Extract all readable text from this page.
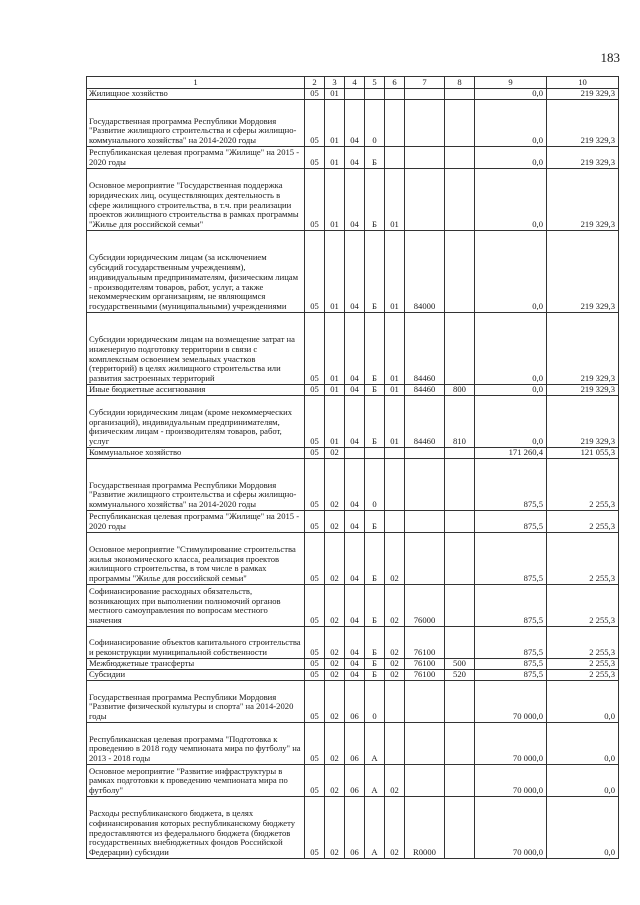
183
1	2	3	4	5	6	7	8	9	10
Жилищное хозяйство	05	01						0,0	219 329,3
Государственная программа Республики Мордовия "Развитие жилищного строительства и сферы жилищно-коммунального хозяйства" на 2014-2020 годы	05	01	04	0				0,0	219 329,3
Республиканская целевая программа "Жилище" на 2015 - 2020 годы	05	01	04	Б				0,0	219 329,3
Основное мероприятие "Государственная поддержка юридических лиц, осуществляющих деятельность в сфере жилищного строительства, в т.ч. при реализации проектов жилищного строительства в рамках программы "Жилье для российской семьи"	05	01	04	Б	01			0,0	219 329,3
Субсидии юридическим лицам (за исключением субсидий государственным учреждениям), индивидуальным предпринимателям, физическим лицам - производителям товаров, работ, услуг, а также некоммерческим организациям, не являющимся государственными (муниципальными) учреждениями	05	01	04	Б	01	84000		0,0	219 329,3
Субсидии юридическим лицам на возмещение затрат на инженерную подготовку территории в связи с комплексным освоением земельных участков (территорий) в целях жилищного строительства или развития застроенных территорий	05	01	04	Б	01	84460		0,0	219 329,3
Иные бюджетные ассигнования	05	01	04	Б	01	84460	800	0,0	219 329,3
Субсидии юридическим лицам (кроме некоммерческих организаций), индивидуальным предпринимателям, физическим лицам - производителям товаров, работ, услуг	05	01	04	Б	01	84460	810	0,0	219 329,3
Коммунальное хозяйство	05	02						171 260,4	121 055,3
Государственная программа Республики Мордовия "Развитие жилищного строительства и сферы жилищно-коммунального хозяйства" на 2014-2020 годы	05	02	04	0				875,5	2 255,3
Республиканская целевая программа "Жилище" на 2015 - 2020 годы	05	02	04	Б				875,5	2 255,3
Основное мероприятие "Стимулирование строительства жилья экономического класса, реализация проектов жилищного строительства, в том числе в рамках программы "Жилье для российской семьи"	05	02	04	Б	02			875,5	2 255,3
Софинансирование расходных обязательств, возникающих при выполнении полномочий органов местного самоуправления по вопросам местного значения	05	02	04	Б	02	76000		875,5	2 255,3
Софинансирование объектов капитального строительства и реконструкции муниципальной собственности	05	02	04	Б	02	76100		875,5	2 255,3
Межбюджетные трансферты	05	02	04	Б	02	76100	500	875,5	2 255,3
Субсидии	05	02	04	Б	02	76100	520	875,5	2 255,3
Государственная программа Республики Мордовия "Развитие физической культуры и спорта" на 2014-2020 годы	05	02	06	0				70 000,0	0,0
Республиканская целевая программа "Подготовка к проведению в 2018 году чемпионата мира по футболу" на 2013 - 2018 годы	05	02	06	А				70 000,0	0,0
Основное мероприятие "Развитие инфраструктуры в рамках подготовки к проведению чемпионата мира по футболу"	05	02	06	А	02			70 000,0	0,0
Расходы республиканского бюджета, в целях софинансирования которых республиканскому бюджету предоставляются из федерального бюджета (бюджетов государственных внебюджетных фондов Российской Федерации) субсидии	05	02	06	А	02	R0000		70 000,0	0,0
